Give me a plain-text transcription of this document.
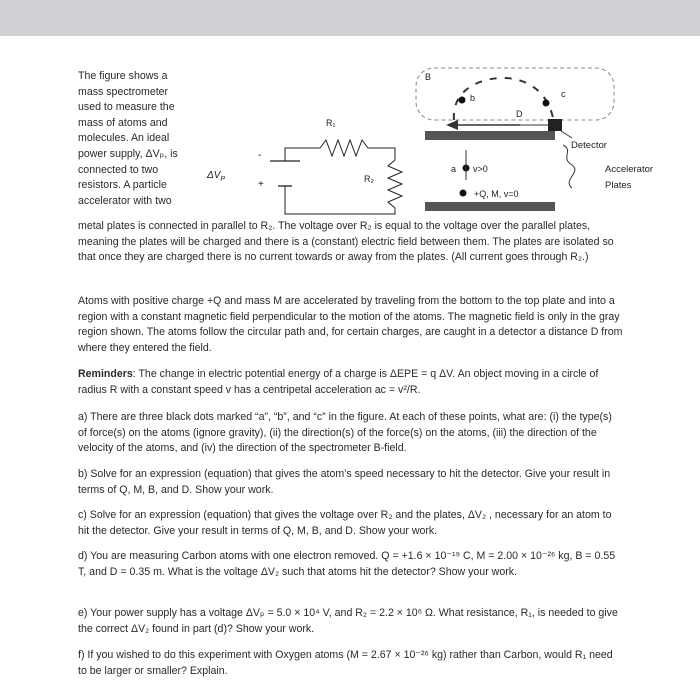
B
b	c
D
R₁
R₂
$\Delta V_P$
-
+
a v>0
+Q, M, v=0
Detector
Accelerator
Plates
The figure shows a
mass spectrometer
used to measure the
mass of atoms and
molecules. An ideal
power supply, ΔVₚ, is
connected to two
resistors. A particle
accelerator with two

metal plates is connected in parallel to R₂. The voltage over R₂ is equal to the voltage over the parallel plates, meaning the plates will be charged and there is a (constant) electric field between them. The plates are isolated so that once they are charged there is no current towards or away from the plates. (All current goes through R₂.)

Atoms with positive charge +Q and mass M are accelerated by traveling from the bottom to the top plate and into a region with a constant magnetic field perpendicular to the motion of the atoms. The magnetic field is only in the gray region shown. The atoms follow the circular path and, for certain charges, are caught in a detector a distance D from where they entered the field.

Reminders: The change in electric potential energy of a charge is ΔEPE = q ΔV. An object moving in a circle of radius R with a constant speed v has a centripetal acceleration aᴄ = v²/R.

a) There are three black dots marked “a”, “b”, and “c” in the figure. At each of these points, what are: (i) the type(s) of force(s) on the atoms (ignore gravity), (ii) the direction(s) of the force(s) on the atoms, (iii) the direction of the velocity of the atoms, and (iv) the direction of the spectrometer B-field.

b) Solve for an expression (equation) that gives the atom’s speed necessary to hit the detector. Give your result in terms of Q, M, B, and D. Show your work.

c) Solve for an expression (equation) that gives the voltage over R₂ and the plates, ΔV₂ , necessary for an atom to hit the detector. Give your result in terms of Q, M, B, and D. Show your work.

d) You are measuring Carbon atoms with one electron removed. Q = +1.6 × 10⁻¹⁹ C, M = 2.00 × 10⁻²⁶ kg, B = 0.55 T, and D = 0.35 m. What is the voltage ΔV₂ such that atoms hit the detector? Show your work.

e) Your power supply has a voltage ΔVₚ = 5.0 × 10⁴ V, and R₂ = 2.2 × 10⁶ Ω. What resistance, R₁, is needed to give the correct ΔV₂ found in part (d)? Show your work.

f) If you wished to do this experiment with Oxygen atoms (M = 2.67 × 10⁻²⁶ kg) rather than Carbon, would R₁ need to be larger or smaller? Explain.
